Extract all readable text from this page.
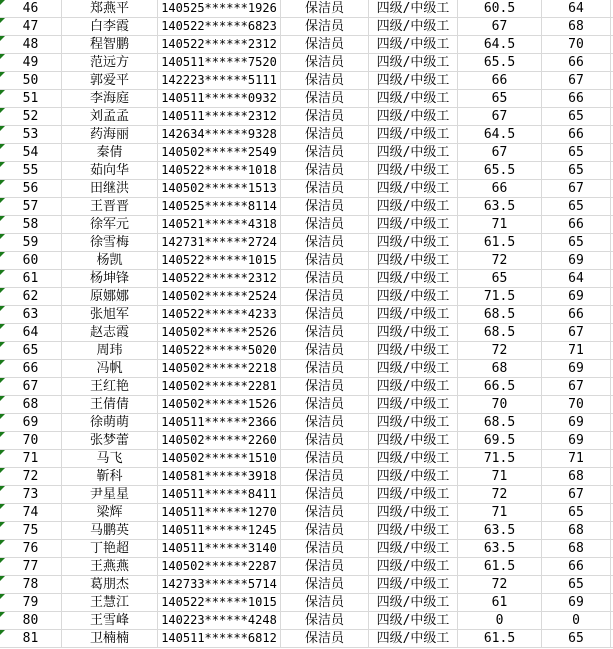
46	郑燕平	140525******1926 保洁员	四级/中级工	60.5	64
47	白李霞	140522******6823 保洁员	四级/中级工	67	68
48	程智鹏	140522******2312 保洁员	四级/中级工	64.5	70
49	范远方	140511******7520 保洁员	四级/中级工	65.5	66
50	郭爱平	142223******5111 保洁员	四级/中级工	66	67
51	李海庭	140511******0932 保洁员	四级/中级工	65	66
52	刘孟孟	140511******2312 保洁员	四级/中级工	67	65
53	药海丽	142634******9328 保洁员	四级/中级工	64.5	66
54	秦倩	140502******2549 保洁员	四级/中级工	67	65
55	茹向华	140522******1018 保洁员	四级/中级工	65.5	65
56	田继洪	140502******1513 保洁员	四级/中级工	66	67
57	王晋晋	140525******8114 保洁员	四级/中级工	63.5	65
58	徐军元	140521******4318 保洁员	四级/中级工	71	66
59	徐雪梅	142731******2724 保洁员	四级/中级工	61.5	65
60	杨凯	140522******1015 保洁员	四级/中级工	72	69
61	杨坤锋	140522******2312 保洁员	四级/中级工	65	64
62	原娜娜	140502******2524 保洁员	四级/中级工	71.5	69
63	张旭军	140522******4233 保洁员	四级/中级工	68.5	66
64	赵志霞	140502******2526 保洁员	四级/中级工	68.5	67
65	周玮	140522******5020 保洁员	四级/中级工	72	71
66	冯帆	140502******2218 保洁员	四级/中级工	68	69
67	王红艳	140502******2281 保洁员	四级/中级工	66.5	67
68	王倩倩	140502******1526 保洁员	四级/中级工	70	70
69	徐萌萌	140511******2366 保洁员	四级/中级工	68.5	69
70	张梦蕾	140502******2260 保洁员	四级/中级工	69.5	69
71	马飞	140502******1510 保洁员	四级/中级工	71.5	71
72	靳科	140581******3918 保洁员	四级/中级工	71	68
73	尹星星	140511******8411 保洁员	四级/中级工	72	67
74	梁辉	140511******1270 保洁员	四级/中级工	71	65
75	马鹏英	140511******1245 保洁员	四级/中级工	63.5	68
76	丁艳超	140511******3140 保洁员	四级/中级工	63.5	68
77	王燕燕	140502******2287 保洁员	四级/中级工	61.5	66
78	葛朋杰	142733******5714 保洁员	四级/中级工	72	65
79	王慧江	140522******1015 保洁员	四级/中级工	61	69
80	王雪峰	140223******4248 保洁员	四级/中级工	0	0
81	卫楠楠	140511******6812 保洁员	四级/中级工	61.5	65
